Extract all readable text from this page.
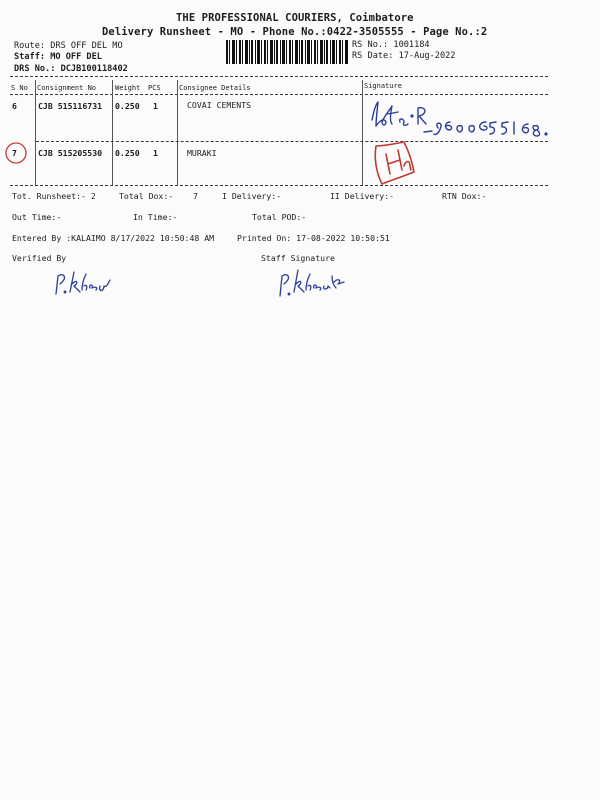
THE PROFESSIONAL COURIERS, Coimbatore
Delivery Runsheet - MO - Phone No.:0422-3505555 - Page No.:2
Route: DRS OFF DEL MO
Staff: MO OFF DEL
DRS No.: DCJB100118402
RS No.: 1001184
RS Date: 17-Aug-2022
S No Consignment No	Weight PCS	Consignee Details	Signature
6	CJB 515116731 0.250 1	COVAI CEMENTS
7	CJB 515205530 0.250 1	MURAKI
Tot. Runsheet:- 2	Total Dox:- 7	I Delivery:-	II Delivery:-	RTN Dox:-
Out Time:-	In Time:-	Total POD:-
Entered By :KALAIMO 8/17/2022 10:50:48 AM	Printed On: 17-08-2022 10:50:51
Verified By	Staff Signature
